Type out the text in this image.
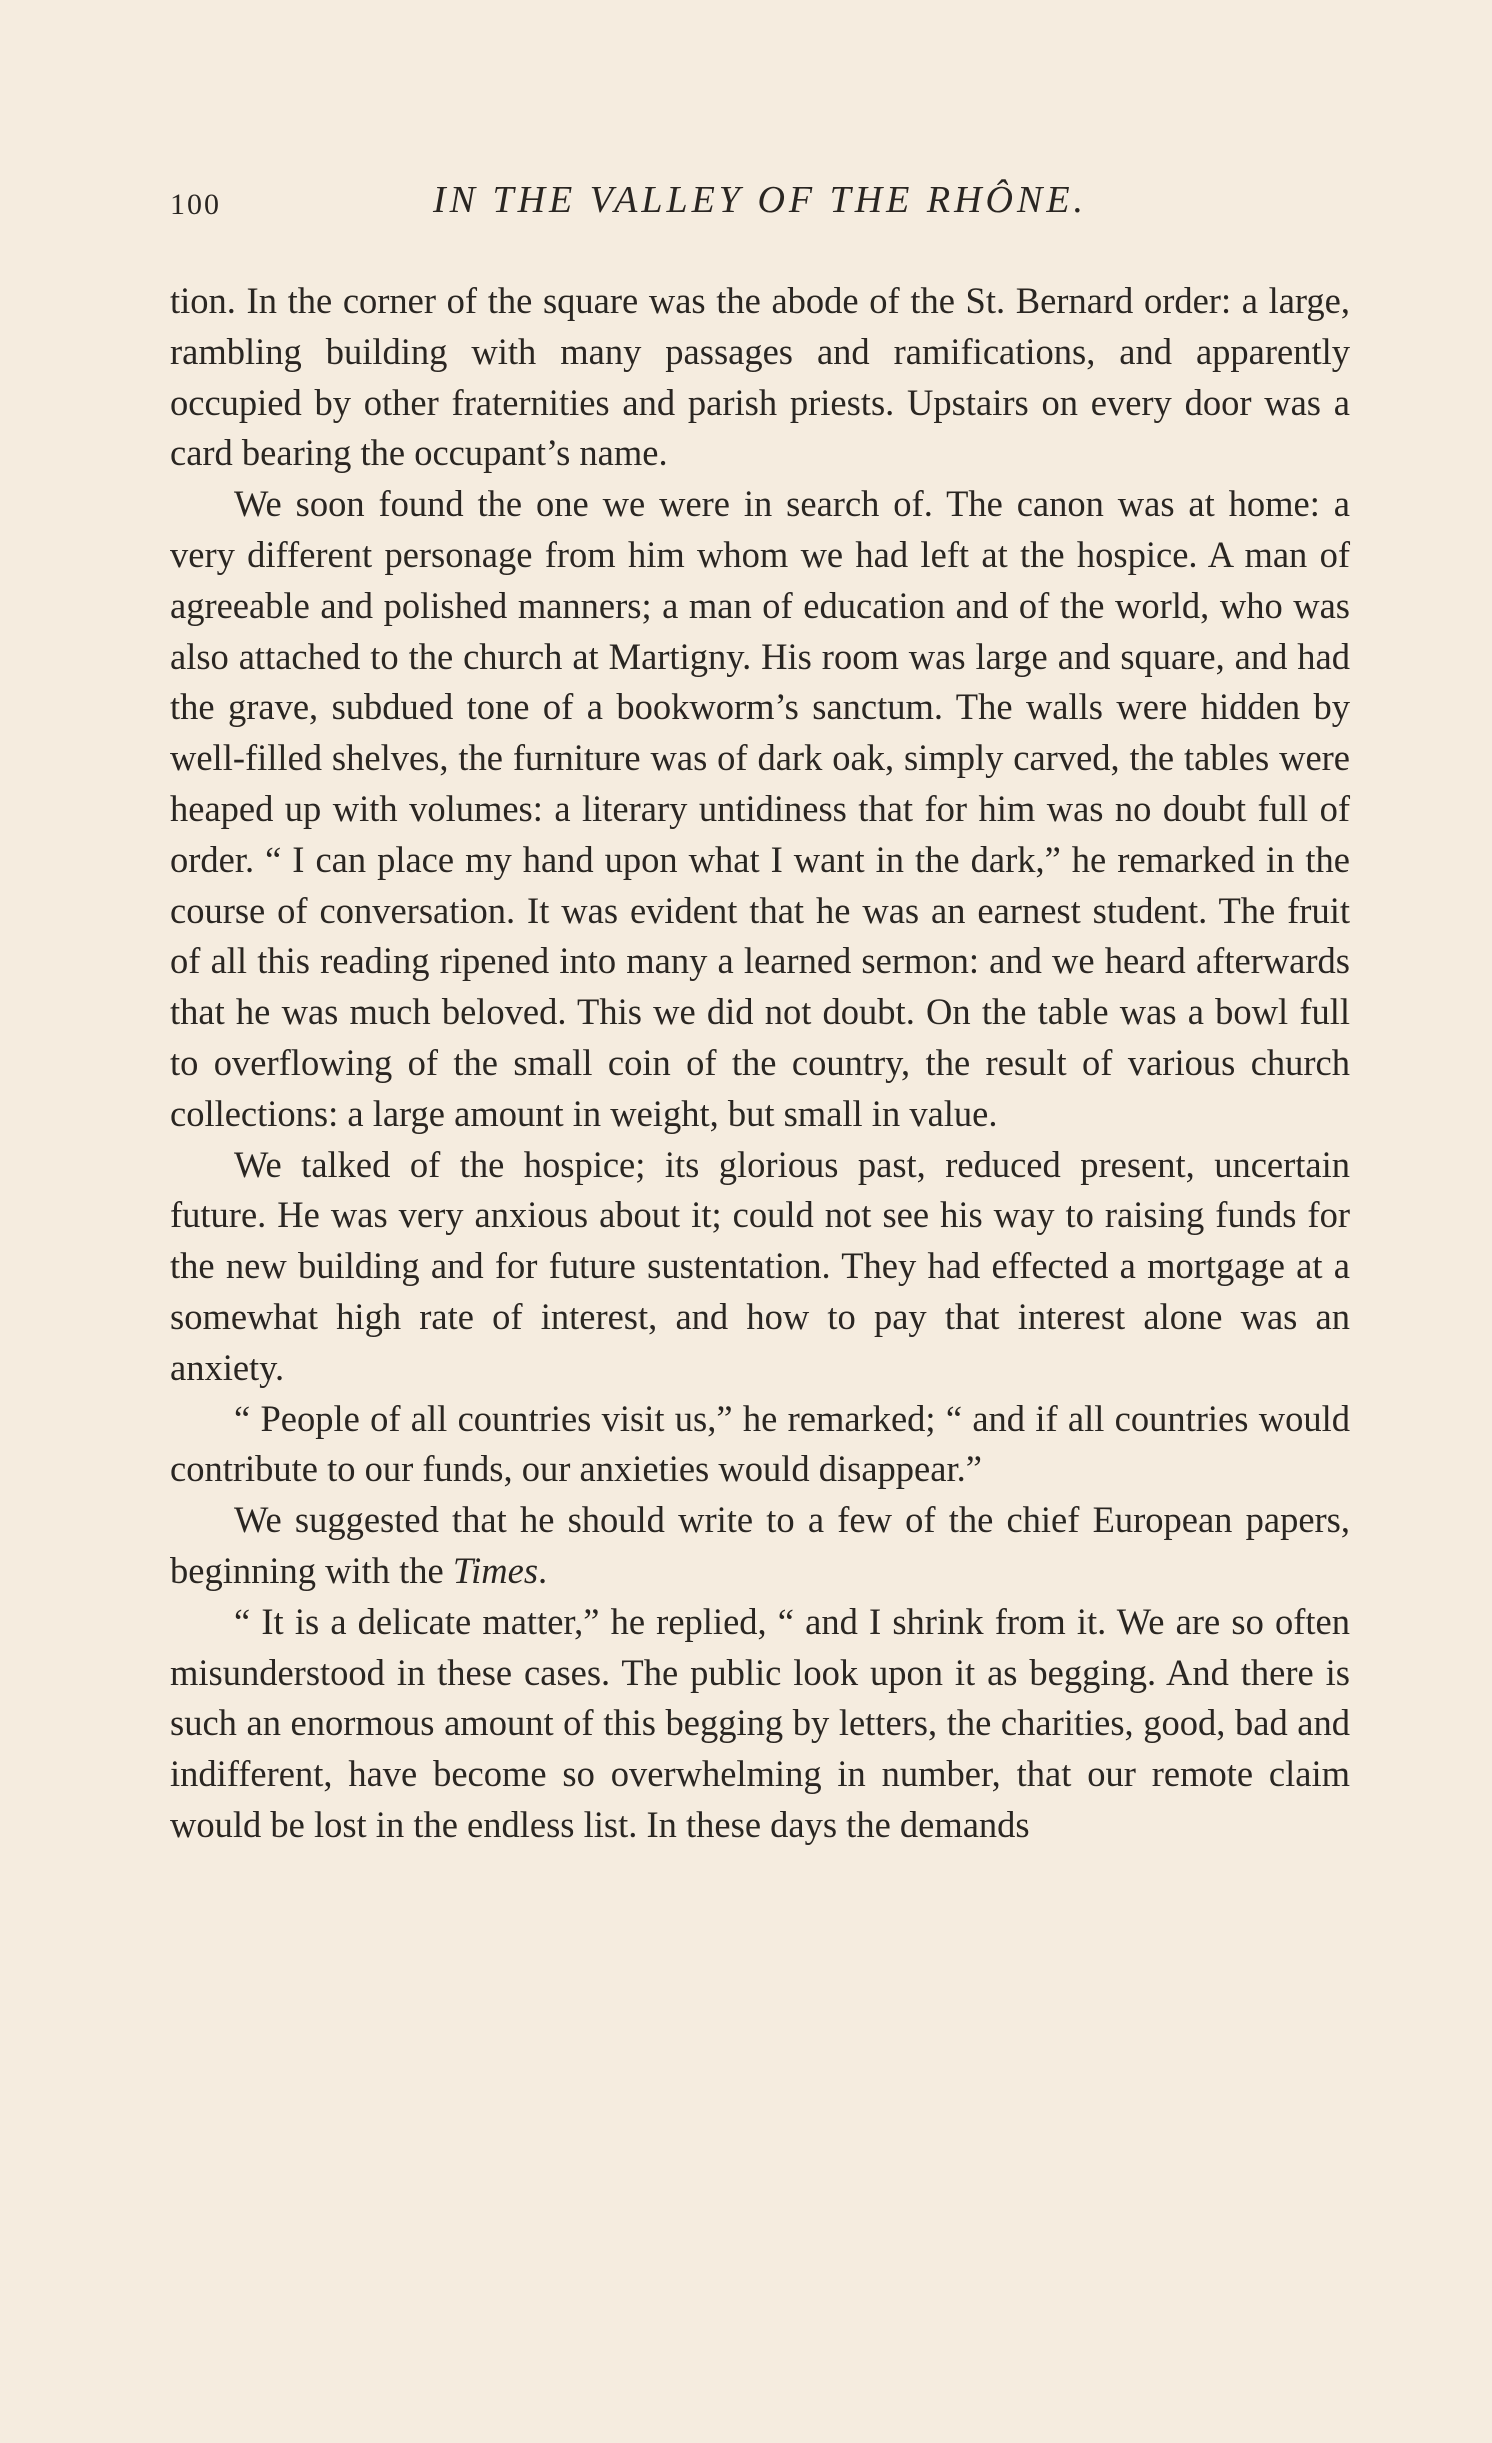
100	IN THE VALLEY OF THE RHÔNE.

tion. In the corner of the square was the abode of the St. Bernard order: a large, rambling building with many passages and ramifications, and apparently occupied by other fraternities and parish priests. Upstairs on every door was a card bearing the occupant’s name.

We soon found the one we were in search of. The canon was at home: a very different personage from him whom we had left at the hospice. A man of agreeable and polished manners; a man of education and of the world, who was also attached to the church at Martigny. His room was large and square, and had the grave, subdued tone of a bookworm’s sanctum. The walls were hidden by well-filled shelves, the furniture was of dark oak, simply carved, the tables were heaped up with volumes: a literary untidiness that for him was no doubt full of order. “ I can place my hand upon what I want in the dark,” he remarked in the course of conversation. It was evident that he was an earnest student. The fruit of all this reading ripened into many a learned sermon: and we heard afterwards that he was much beloved. This we did not doubt. On the table was a bowl full to overflowing of the small coin of the country, the result of various church collections: a large amount in weight, but small in value.

We talked of the hospice; its glorious past, reduced present, uncertain future. He was very anxious about it; could not see his way to raising funds for the new building and for future sustentation. They had effected a mortgage at a somewhat high rate of interest, and how to pay that interest alone was an anxiety.

“ People of all countries visit us,” he remarked; “ and if all countries would contribute to our funds, our anxieties would disappear.”

We suggested that he should write to a few of the chief European papers, beginning with the Times.

“ It is a delicate matter,” he replied, “ and I shrink from it. We are so often misunderstood in these cases. The public look upon it as begging. And there is such an enormous amount of this begging by letters, the charities, good, bad and indifferent, have become so overwhelming in number, that our remote claim would be lost in the endless list. In these days the demands
